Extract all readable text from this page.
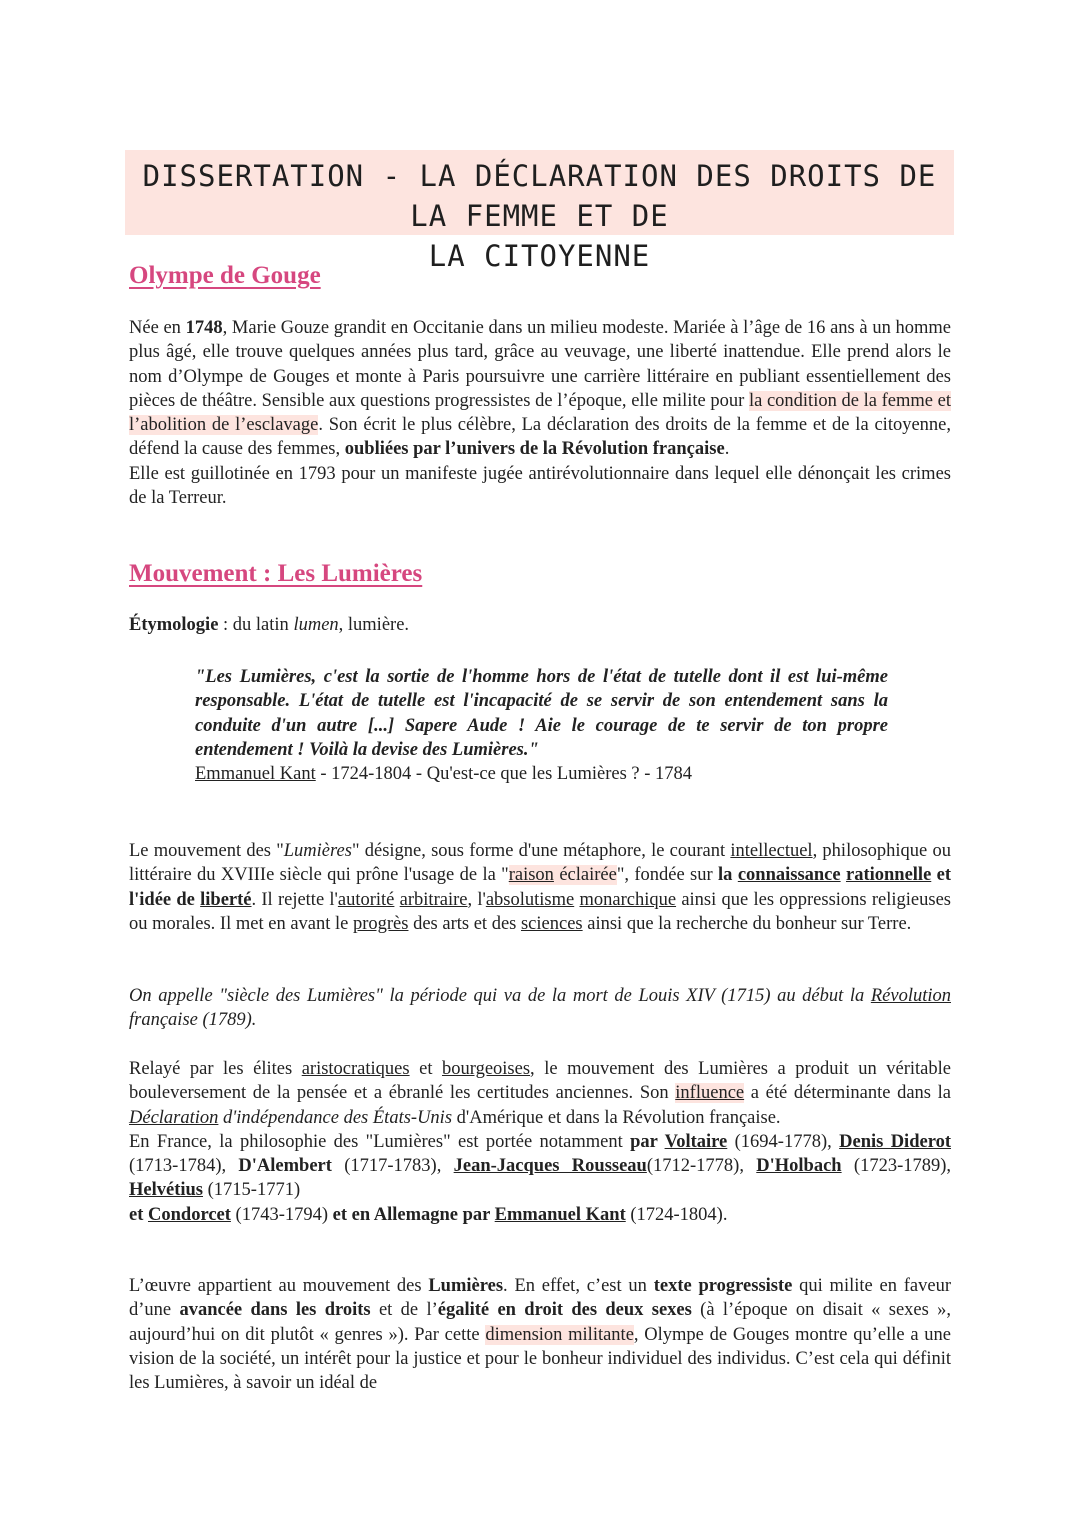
DISSERTATION - LA DÉCLARATION DES DROITS DE LA FEMME ET DE
LA CITOYENNE
Olympe de Gouge
Née en 1748, Marie Gouze grandit en Occitanie dans un milieu modeste. Mariée à l’âge de 16 ans à un homme plus âgé, elle trouve quelques années plus tard, grâce au veuvage, une liberté inattendue. Elle prend alors le nom d’Olympe de Gouges et monte à Paris poursuivre une carrière littéraire en publiant essentiellement des pièces de théâtre. Sensible aux questions progressistes de l’époque, elle milite pour la condition de la femme et l’abolition de l’esclavage. Son écrit le plus célèbre, La déclaration des droits de la femme et de la citoyenne, défend la cause des femmes, oubliées par l’univers de la Révolution française.
Elle est guillotinée en 1793 pour un manifeste jugée antirévolutionnaire dans lequel elle dénonçait les crimes de la Terreur.
Mouvement : Les Lumières
Étymologie : du latin lumen, lumière.
"Les Lumières, c'est la sortie de l'homme hors de l'état de tutelle dont il est lui-même responsable. L'état de tutelle est l'incapacité de se servir de son entendement sans la conduite d'un autre [...] Sapere Aude ! Aie le courage de te servir de ton propre entendement ! Voilà la devise des Lumières."
Emmanuel Kant - 1724-1804 - Qu'est-ce que les Lumières ? - 1784
Le mouvement des "Lumières" désigne, sous forme d'une métaphore, le courant intellectuel, philosophique ou littéraire du XVIIIe siècle qui prône l'usage de la "raison éclairée", fondée sur la connaissance rationnelle et l'idée de liberté. Il rejette l'autorité arbitraire, l'absolutisme monarchique ainsi que les oppressions religieuses ou morales. Il met en avant le progrès des arts et des sciences ainsi que la recherche du bonheur sur Terre.
On appelle "siècle des Lumières" la période qui va de la mort de Louis XIV (1715) au début la Révolution française (1789).
Relayé par les élites aristocratiques et bourgeoises, le mouvement des Lumières a produit un véritable bouleversement de la pensée et a ébranlé les certitudes anciennes. Son influence a été déterminante dans la Déclaration d'indépendance des États-Unis d'Amérique et dans la Révolution française.
En France, la philosophie des "Lumières" est portée notamment par Voltaire (1694-1778), Denis Diderot (1713-1784), D'Alembert (1717-1783), Jean-Jacques Rousseau(1712-1778), D'Holbach (1723-1789), Helvétius (1715-1771)
et Condorcet (1743-1794) et en Allemagne par Emmanuel Kant (1724-1804).
L’œuvre appartient au mouvement des Lumières. En effet, c’est un texte progressiste qui milite en faveur d’une avancée dans les droits et de l’égalité en droit des deux sexes (à l’époque on disait « sexes », aujourd’hui on dit plutôt « genres »). Par cette dimension militante, Olympe de Gouges montre qu’elle a une vision de la société, un intérêt pour la justice et pour le bonheur individuel des individus. C’est cela qui définit les Lumières, à savoir un idéal de
